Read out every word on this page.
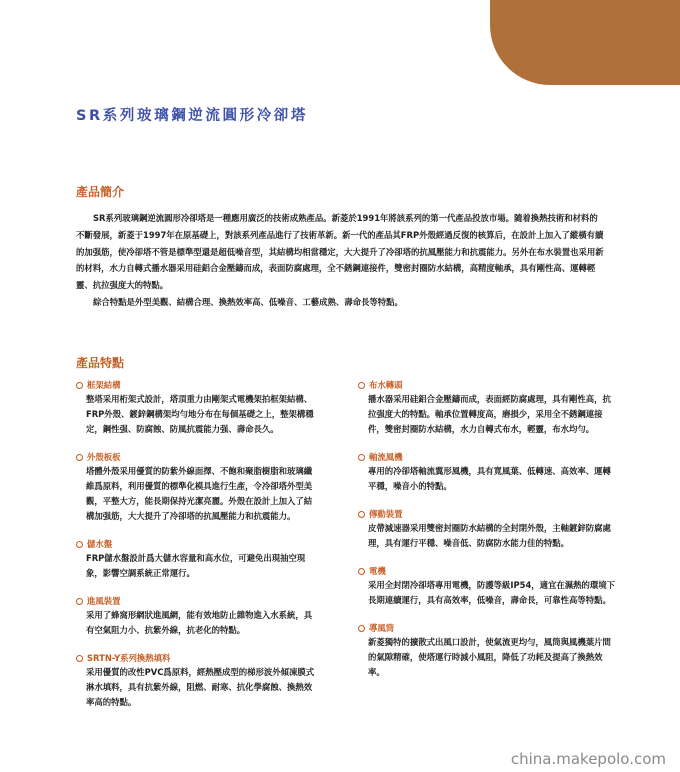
SR系列玻璃鋼逆流圓形冷卻塔
產品簡介

SR系列玻璃鋼逆流圓形冷卻塔是一種應用廣泛的技術成熟產品。新菱於1991年將該系列的第一代產品投放市場。隨着換熱技術和材料的不斷發展，新菱于1997年在原基礎上，對該系列產品進行了技術革新。新一代的產品其FRP外殼經過反復的核算后，在設計上加入了縱橫有續的加强筋，使冷卻塔不管是標準型還是超低噪音型，其結構均相當穩定，大大提升了冷卻塔的抗風壓能力和抗震能力。另外在布水裝置也采用新的材料，水力自轉式播水器采用硅鋁合金壓鑄而成，表面防腐處理，全不銹鋼連接件，雙密封圈防水結構，高精度軸承，具有剛性高、運轉輕靈、抗拉强度大的特點。

綜合特點是外型美觀、結構合理、換熱效率高、低噪音、工藝成熟、壽命長等特點。

產品特點
框架結構
整塔采用桁架式設計，塔頂重力由剛架式電機架拍框架結構、FRP外殼、鍍鋅鋼構架均勻地分布在每個基礎之上，整架構穩定，鋼性强、防腐蝕、防風抗震能力强、壽命長久。
外殼板板
塔體外殼采用優質的防紫外線面擇、不飽和聚脂樹脂和玻璃纖維爲原料，利用優質的標準化模具進行生產，令冷卻塔外型美觀，平整大方，能長期保持光潔亮麗。外殼在設計上加入了結構加强筋，大大提升了冷卻塔的抗風壓能力和抗震能力。
儲水盤
FRP儲水盤設計爲大儲水容量和高水位，可避免出現抽空現象，影響空調系統正常運行。
進風裝置
采用了蜂窩形網狀進風網，能有效地防止雜物進入水系統，具有空氣阻力小、抗紫外線，抗老化的特點。
SRTN-Y系列換熱填料
采用優質的改性PVC爲原料，經熱壓成型的梯形波外傾凍膜式淋水填料，具有抗紫外線，阻燃、耐寒、抗化學腐蝕、換熱效率高的特點。
布水轉頭
播水器采用硅鋁合金壓鑄而成，表面經防腐處理，具有剛性高，抗拉强度大的特點。軸承位置轉度高，磨損少，采用全不銹鋼連接件，雙密封圈防水結構，水力自轉式布水，輕靈，布水均勻。
軸流風機
專用的冷卻塔軸流翼形風機，具有寬風葉、低轉速、高效率、運轉平穩，噪音小的特點。
傳動裝置
皮帶減速器采用雙密封圈防水結構的全封閉外殼，主軸鍍鋅防腐處理，具有運行平穩、噪音低、防腐防水能力佳的特點。
電機
采用全封閉冷卻塔專用電機，防護等級IP54，適宜在濕熱的環境下長期連續運行，具有高效率，低噪音，壽命長，可靠性高等特點。
導風筒
新菱獨特的擴散式出風口設計，使氣流更均勻，風筒與風機葉片間的氣隙精確，使塔運行時減小風阻，降低了功耗及提高了換熱效率。
china.makepolo.com
